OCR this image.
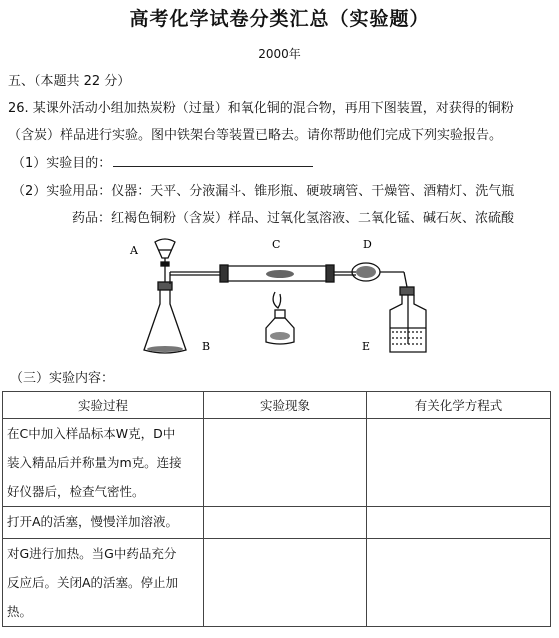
高考化学试卷分类汇总（实验题）
2000年
五、（本题共 22 分）
26. 某课外活动小组加热炭粉（过量）和氧化铜的混合物，再用下图装置，对获得的铜粉
（含炭）样品进行实验。图中铁架台等装置已略去。请你帮助他们完成下列实验报告。
（1）实验目的：
（2）实验用品：仪器：天平、分液漏斗、锥形瓶、硬玻璃管、干燥管、酒精灯、洗气瓶
药品：红褐色铜粉（含炭）样品、过氧化氢溶液、二氧化锰、碱石灰、浓硫酸
A
B
C	D
E
（三）实验内容：
实验过程	实验现象	有关化学方程式

在C中加入样品标本W克，D中
装入精品后并称量为m克。连接
好仪器后，检查气密性。		

打开A的活塞，慢慢洋加溶液。		

对G进行加热。当G中药品充分
反应后。关闭A的活塞。停止加
热。		
